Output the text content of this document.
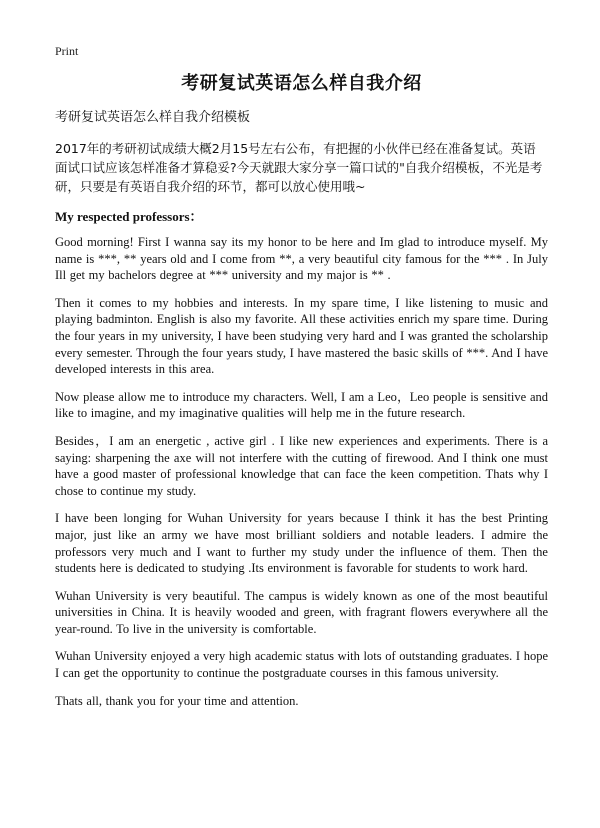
Print
考研复试英语怎么样自我介绍
考研复试英语怎么样自我介绍模板

2017年的考研初试成绩大概2月15号左右公布，有把握的小伙伴已经在准备复试。英语面试口试应该怎样准备才算稳妥?今天就跟大家分享一篇口试的"自我介绍模板，不光是考研，只要是有英语自我介绍的环节，都可以放心使用哦~

My respected professors：

Good morning! First I wanna say its my honor to be here and Im glad to introduce myself. My name is ***, ** years old and I come from **, a very beautiful city famous for the *** . In July Ill get my bachelors degree at *** university and my major is ** .

Then it comes to my hobbies and interests. In my spare time, I like listening to music and playing badminton. English is also my favorite. All these activities enrich my spare time. During the four years in my university, I have been studying very hard and I was granted the scholarship every semester. Through the four years study, I have mastered the basic skills of ***. And I have developed interests in this area.

Now please allow me to introduce my characters. Well, I am a Leo，Leo people is sensitive and like to imagine, and my imaginative qualities will help me in the future research.

Besides，I am an energetic , active girl . I like new experiences and experiments. There is a saying: sharpening the axe will not interfere with the cutting of firewood. And I think one must have a good master of professional knowledge that can face the keen competition. Thats why I chose to continue my study.

I have been longing for Wuhan University for years because I think it has the best Printing major, just like an army we have most brilliant soldiers and notable leaders. I admire the professors very much and I want to further my study under the influence of them. Then the students here is dedicated to studying .Its environment is favorable for students to work hard.

Wuhan University is very beautiful. The campus is widely known as one of the most beautiful universities in China. It is heavily wooded and green, with fragrant flowers everywhere all the year-round. To live in the university is comfortable.

Wuhan University enjoyed a very high academic status with lots of outstanding graduates. I hope I can get the opportunity to continue the postgraduate courses in this famous university.

Thats all, thank you for your time and attention.
